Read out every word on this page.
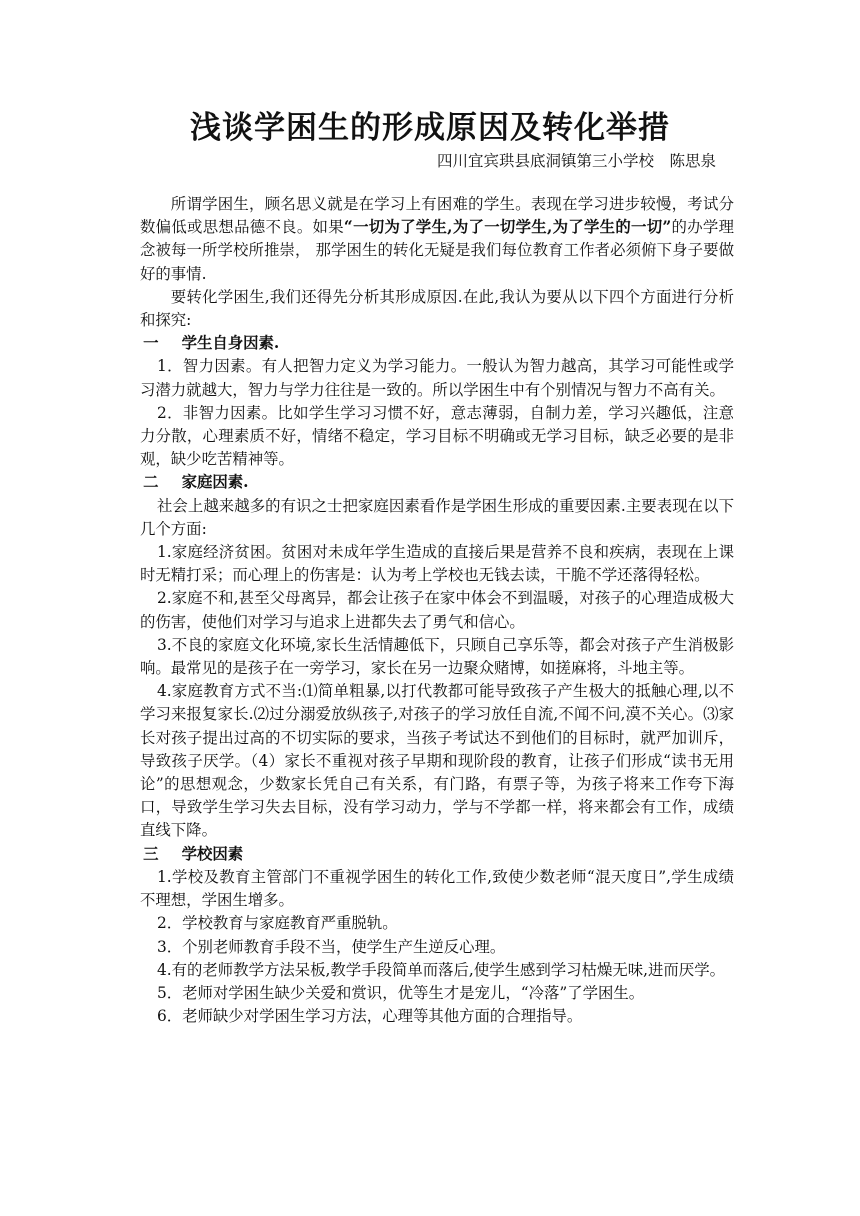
浅谈学困生的形成原因及转化举措
四川宜宾珙县底洞镇第三小学校　陈思泉

所谓学困生，顾名思义就是在学习上有困难的学生。表现在学习进步较慢，考试分数偏低或思想品德不良。如果“一切为了学生,为了一切学生,为了学生的一切”的办学理念被每一所学校所推崇， 那学困生的转化无疑是我们每位教育工作者必须俯下身子要做好的事情.

要转化学困生,我们还得先分析其形成原因.在此,我认为要从以下四个方面进行分析和探究:

一 学生自身因素.

1．智力因素。有人把智力定义为学习能力。一般认为智力越高，其学习可能性或学习潜力就越大，智力与学力往往是一致的。所以学困生中有个别情况与智力不高有关。

2．非智力因素。比如学生学习习惯不好，意志薄弱，自制力差，学习兴趣低，注意力分散，心理素质不好，情绪不稳定，学习目标不明确或无学习目标，缺乏必要的是非观，缺少吃苦精神等。

二 家庭因素.

社会上越来越多的有识之士把家庭因素看作是学困生形成的重要因素.主要表现在以下几个方面:

1.家庭经济贫困。贫困对未成年学生造成的直接后果是营养不良和疾病，表现在上课时无精打采；而心理上的伤害是：认为考上学校也无钱去读，干脆不学还落得轻松。

2.家庭不和,甚至父母离异，都会让孩子在家中体会不到温暖，对孩子的心理造成极大的伤害，使他们对学习与追求上进都失去了勇气和信心。

3.不良的家庭文化环境,家长生活情趣低下，只顾自己享乐等，都会对孩子产生消极影响。最常见的是孩子在一旁学习，家长在另一边聚众赌博，如搓麻将，斗地主等。

4.家庭教育方式不当:⑴简单粗暴,以打代教都可能导致孩子产生极大的抵触心理,以不学习来报复家长.⑵过分溺爱放纵孩子,对孩子的学习放任自流,不闻不问,漠不关心。⑶家长对孩子提出过高的不切实际的要求，当孩子考试达不到他们的目标时，就严加训斥，导致孩子厌学。（4）家长不重视对孩子早期和现阶段的教育，让孩子们形成“读书无用论”的思想观念，少数家长凭自己有关系，有门路，有票子等，为孩子将来工作夸下海口，导致学生学习失去目标，没有学习动力，学与不学都一样，将来都会有工作，成绩直线下降。

三 学校因素

1.学校及教育主管部门不重视学困生的转化工作,致使少数老师“混天度日”,学生成绩不理想，学困生增多。

2．学校教育与家庭教育严重脱轨。

3．个别老师教育手段不当，使学生产生逆反心理。

4.有的老师教学方法呆板,教学手段简单而落后,使学生感到学习枯燥无味,进而厌学。

5．老师对学困生缺少关爱和赏识，优等生才是宠儿，“冷落”了学困生。

6．老师缺少对学困生学习方法，心理等其他方面的合理指导。
